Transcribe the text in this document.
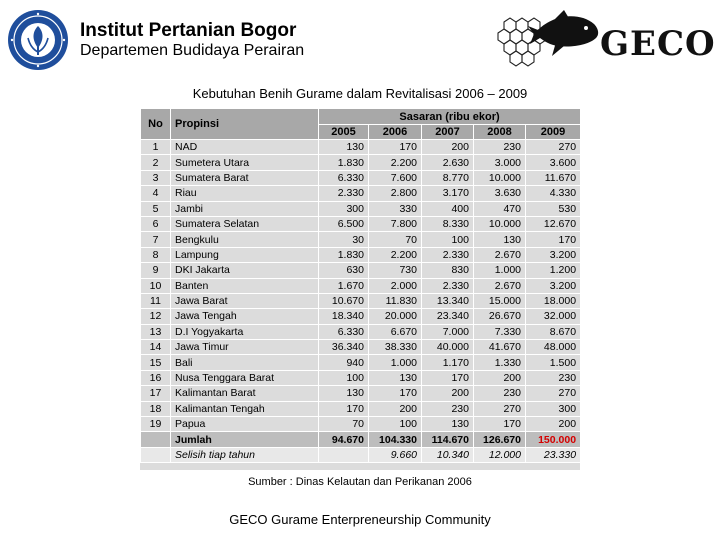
Institut Pertanian Bogor
Departemen Budidaya Perairan	GECO
Kebutuhan Benih Gurame dalam Revitalisasi 2006 – 2009
No	Propinsi	Sasaran (ribu ekor)				
		2005	2006	2007	2008	2009
1	NAD	130	170	200	230	270
2	Sumetera Utara	1.830	2.200	2.630	3.000	3.600
3	Sumatera Barat	6.330	7.600	8.770	10.000	11.670
4	Riau	2.330	2.800	3.170	3.630	4.330
5	Jambi	300	330	400	470	530
6	Sumatera Selatan	6.500	7.800	8.330	10.000	12.670
7	Bengkulu	30	70	100	130	170
8	Lampung	1.830	2.200	2.330	2.670	3.200
9	DKI Jakarta	630	730	830	1.000	1.200
10	Banten	1.670	2.000	2.330	2.670	3.200
11	Jawa Barat	10.670	11.830	13.340	15.000	18.000
12	Jawa Tengah	18.340	20.000	23.340	26.670	32.000
13	D.I Yogyakarta	6.330	6.670	7.000	7.330	8.670
14	Jawa Timur	36.340	38.330	40.000	41.670	48.000
15	Bali	940	1.000	1.170	1.330	1.500
16	Nusa Tenggara Barat	100	130	170	200	230
17	Kalimantan Barat	130	170	200	230	270
18	Kalimantan Tengah	170	200	230	270	300
19	Papua	70	100	130	170	200
	Jumlah	94.670	104.330	114.670	126.670	150.000
	Selisih tiap tahun		9.660	10.340	12.000	23.330
Sumber : Dinas Kelautan dan Perikanan 2006
GECO Gurame Enterpreneurship Community
